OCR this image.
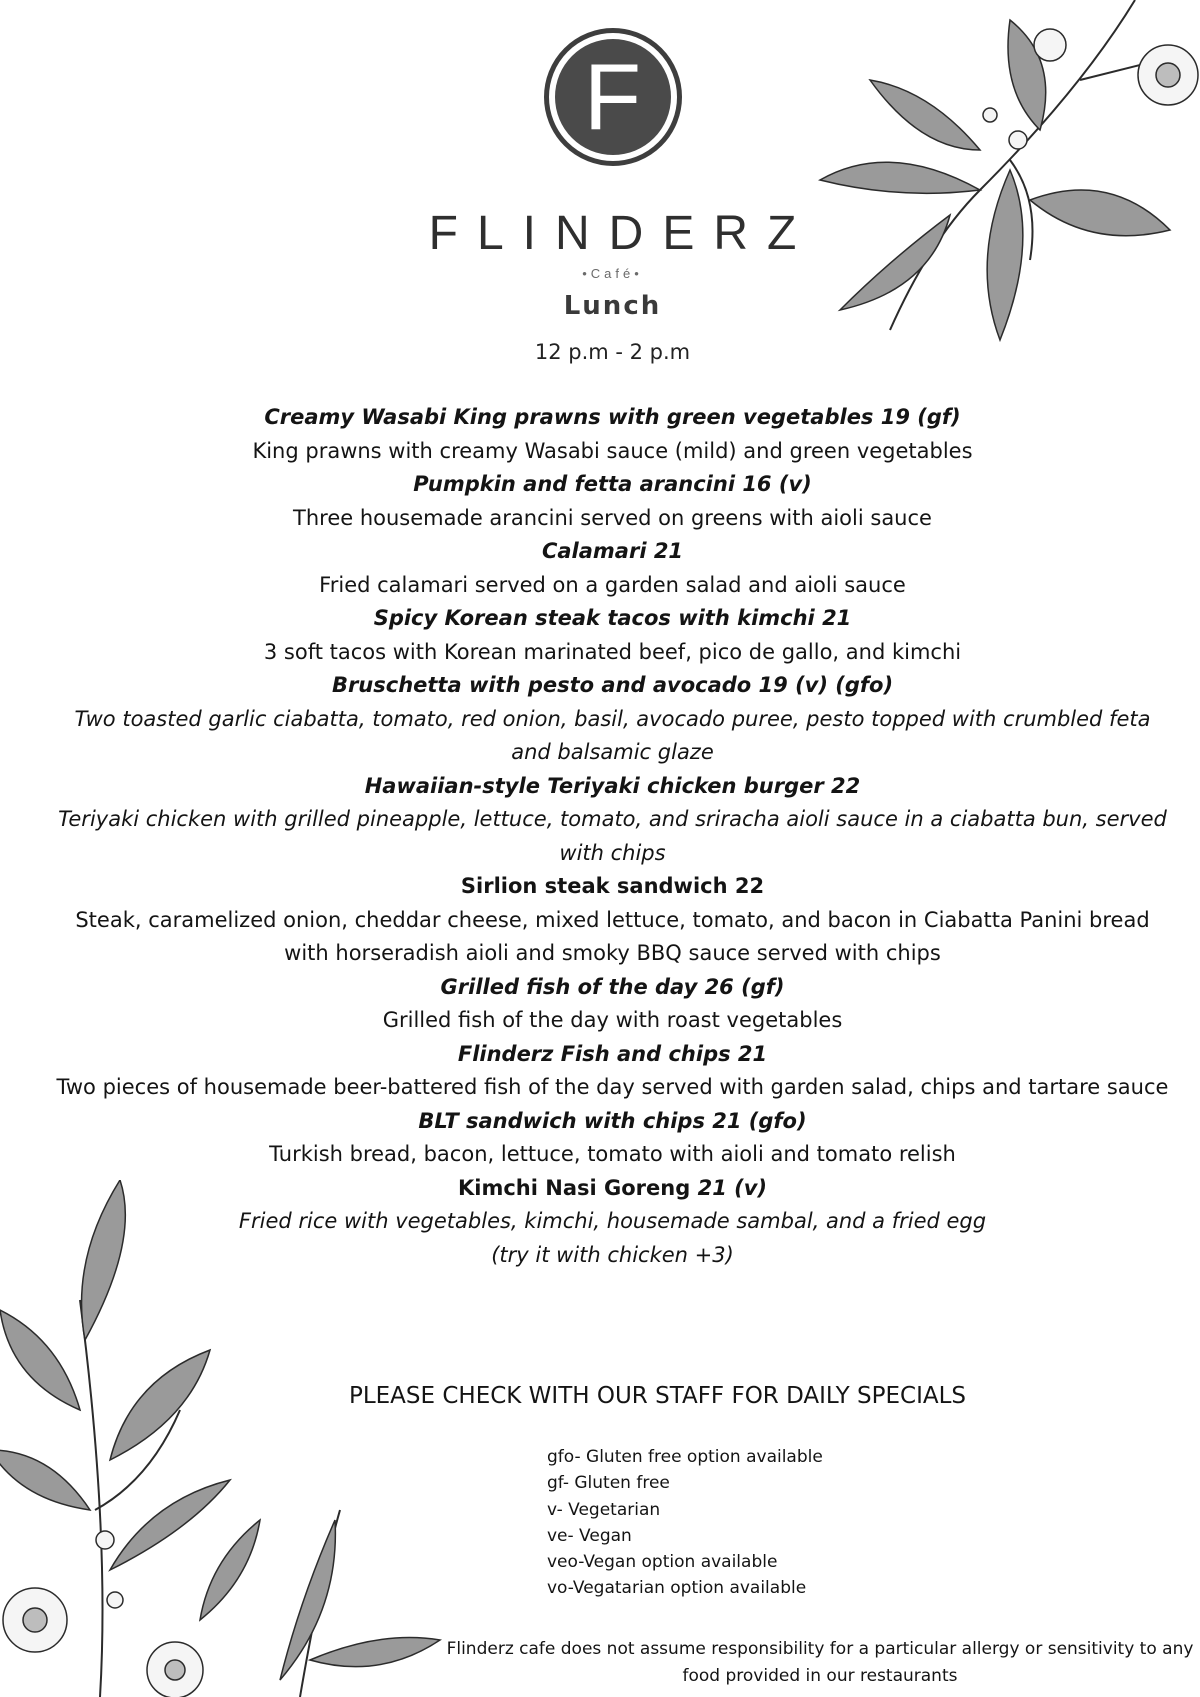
F
FLINDERZ
•Café•
Lunch
12 p.m - 2 p.m
Creamy Wasabi King prawns with green vegetables 19 (gf)
King prawns with creamy Wasabi sauce (mild) and green vegetables
Pumpkin and fetta arancini 16 (v)
Three housemade arancini served on greens with aioli sauce
Calamari 21
Fried calamari served on a garden salad and aioli sauce
Spicy Korean steak tacos with kimchi 21
3 soft tacos with Korean marinated beef, pico de gallo, and kimchi
Bruschetta with pesto and avocado 19 (v) (gfo)
Two toasted garlic ciabatta, tomato, red onion, basil, avocado puree, pesto topped with crumbled feta and balsamic glaze
Hawaiian-style Teriyaki chicken burger 22
Teriyaki chicken with grilled pineapple, lettuce, tomato, and sriracha aioli sauce in a ciabatta bun, served with chips
Sirlion steak sandwich 22
Steak, caramelized onion, cheddar cheese, mixed lettuce, tomato, and bacon in Ciabatta Panini bread with horseradish aioli and smoky BBQ sauce served with chips
Grilled fish of the day 26 (gf)
Grilled fish of the day with roast vegetables
Flinderz Fish and chips 21
Two pieces of housemade beer-battered fish of the day served with garden salad, chips and tartare sauce
BLT sandwich with chips 21 (gfo)
Turkish bread, bacon, lettuce, tomato with aioli and tomato relish
Kimchi Nasi Goreng 21 (v)
Fried rice with vegetables, kimchi, housemade sambal, and a fried egg
(try it with chicken +3)
PLEASE CHECK WITH OUR STAFF FOR DAILY SPECIALS
gfo- Gluten free option available
gf- Gluten free
v- Vegetarian
ve- Vegan
veo-Vegan option available
vo-Vegatarian option available
Flinderz cafe does not assume responsibility for a particular allergy or sensitivity to any food provided in our restaurants
